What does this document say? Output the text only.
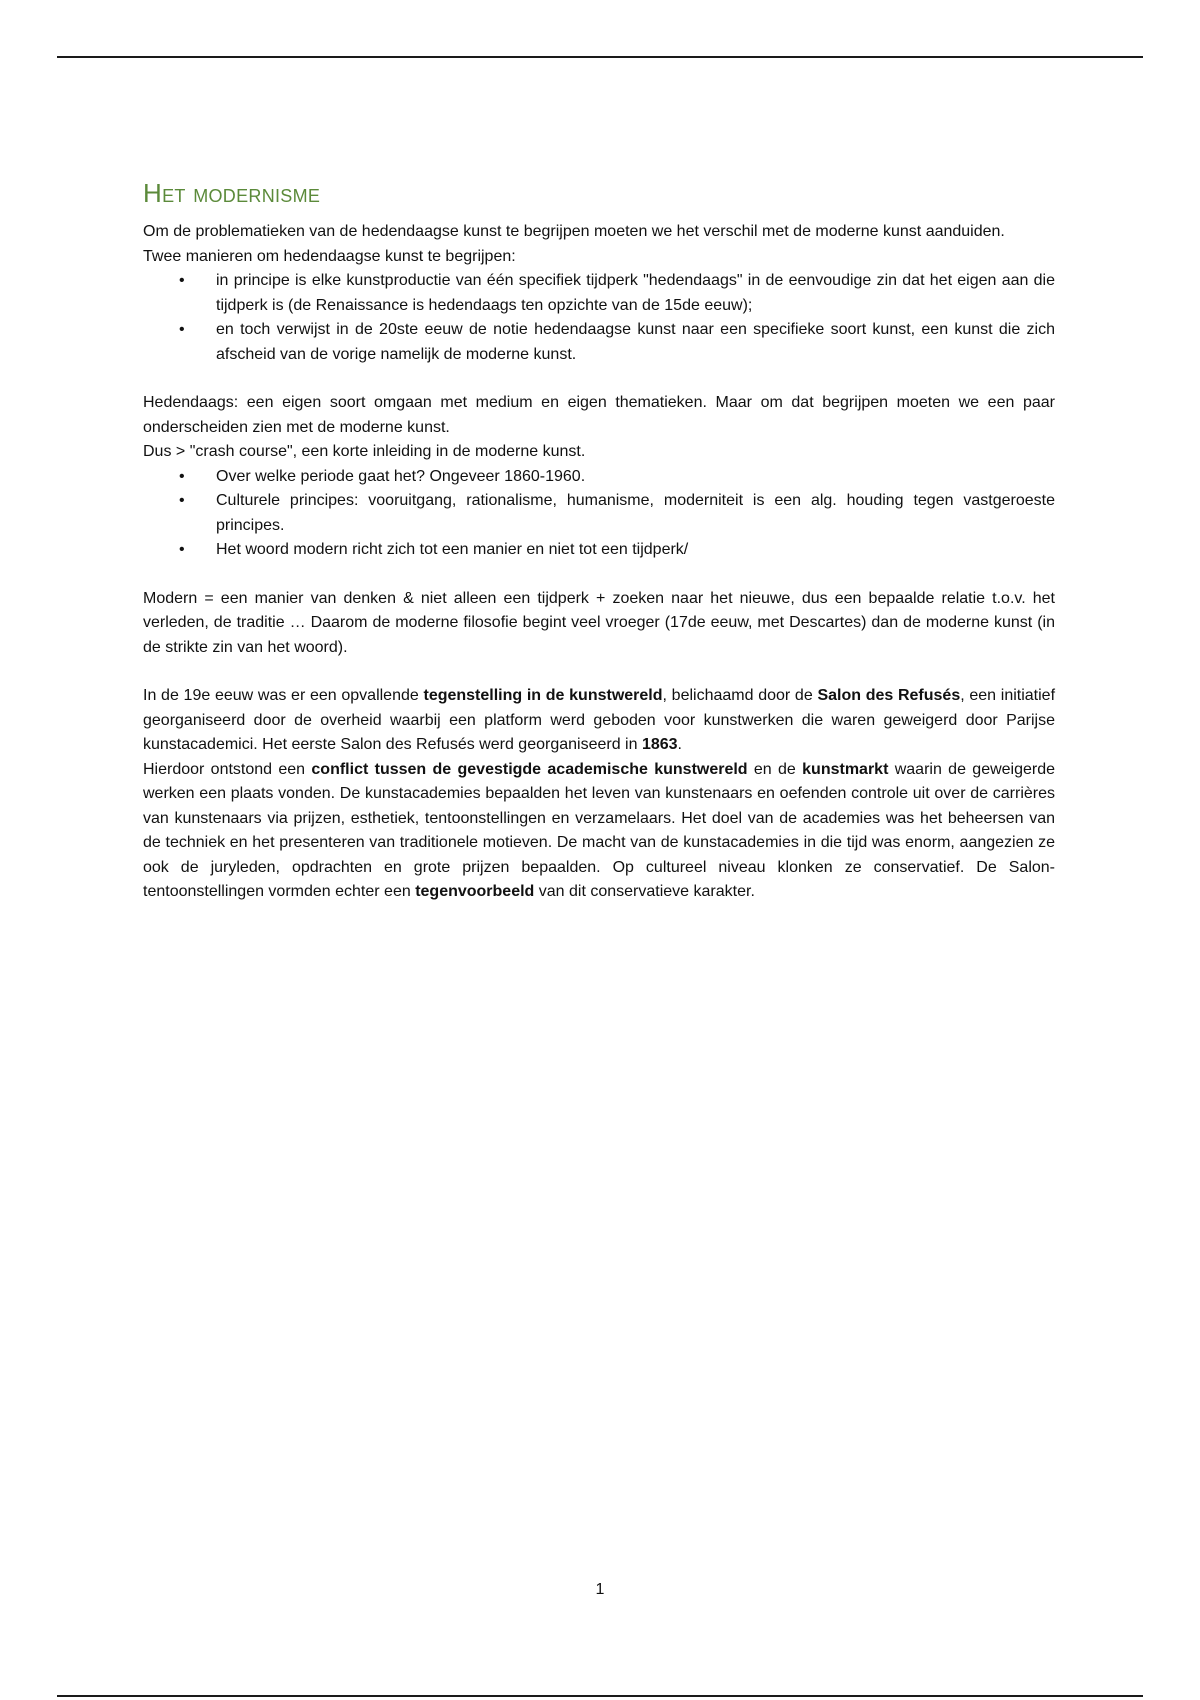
Het modernisme

Om de problematieken van de hedendaagse kunst te begrijpen moeten we het verschil met de moderne kunst aanduiden.

Twee manieren om hedendaagse kunst te begrijpen:

• in principe is elke kunstproductie van één specifiek tijdperk "hedendaags" in de eenvoudige zin dat het eigen aan die tijdperk is (de Renaissance is hedendaags ten opzichte van de 15de eeuw);
• en toch verwijst in de 20ste eeuw de notie hedendaagse kunst naar een specifieke soort kunst, een kunst die zich afscheid van de vorige namelijk de moderne kunst.

Hedendaags: een eigen soort omgaan met medium en eigen thematieken. Maar om dat begrijpen moeten we een paar onderscheiden zien met de moderne kunst.

Dus > "crash course", een korte inleiding in de moderne kunst.

• Over welke periode gaat het? Ongeveer 1860-1960.
• Culturele principes: vooruitgang, rationalisme, humanisme, moderniteit is een alg. houding tegen vastgeroeste principes.
• Het woord modern richt zich tot een manier en niet tot een tijdperk/

Modern = een manier van denken & niet alleen een tijdperk + zoeken naar het nieuwe, dus een bepaalde relatie t.o.v. het verleden, de traditie … Daarom de moderne filosofie begint veel vroeger (17de eeuw, met Descartes) dan de moderne kunst (in de strikte zin van het woord).

In de 19e eeuw was er een opvallende tegenstelling in de kunstwereld, belichaamd door de Salon des Refusés, een initiatief georganiseerd door de overheid waarbij een platform werd geboden voor kunstwerken die waren geweigerd door Parijse kunstacademici. Het eerste Salon des Refusés werd georganiseerd in 1863.

Hierdoor ontstond een conflict tussen de gevestigde academische kunstwereld en de kunstmarkt waarin de geweigerde werken een plaats vonden. De kunstacademies bepaalden het leven van kunstenaars en oefenden controle uit over de carrières van kunstenaars via prijzen, esthetiek, tentoonstellingen en verzamelaars. Het doel van de academies was het beheersen van de techniek en het presenteren van traditionele motieven. De macht van de kunstacademies in die tijd was enorm, aangezien ze ook de juryleden, opdrachten en grote prijzen bepaalden. Op cultureel niveau klonken ze conservatief. De Salon-tentoonstellingen vormden echter een tegenvoorbeeld van dit conservatieve karakter.

1
